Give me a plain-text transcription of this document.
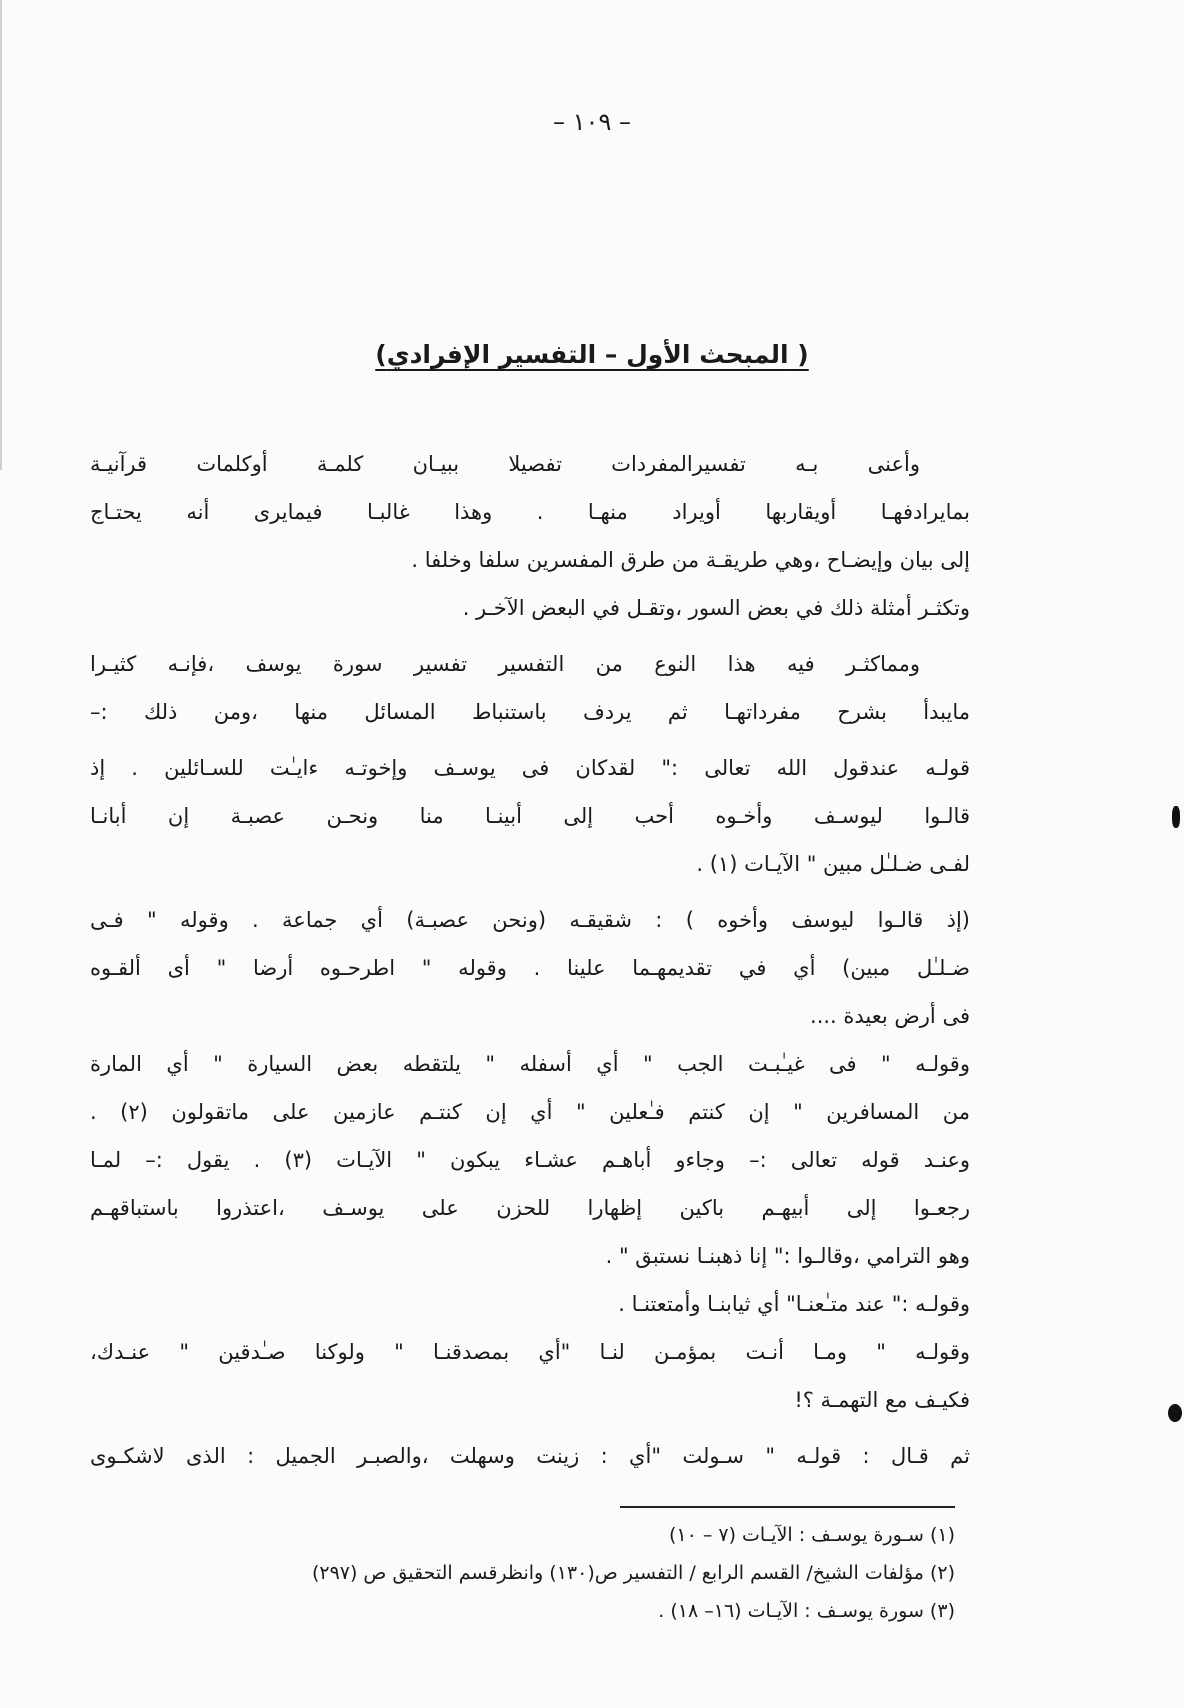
– ١٠٩ –
(المبحث الأول – التفسير الإفرادي )
وأعنى بـه تفسيرالمفردات تفصيلا ببيـان كلمـة أوكلمات قرآنيـة
بمايرادفهـا أويقاربها أويراد منهـا . وهذا غالبـا فيمايرى أنه يحتـاج
إلى بيان وإيضـاح ،وهي طريقـة من طرق المفسرين سلفا وخلفا .
وتكثـر أمثلة ذلك في بعض السور ،وتقـل في البعض الآخـر .
ومماكثـر فيه هذا النوع من التفسير تفسير سورة يوسف ،فإنـه كثيـرا
مايبدأ بشرح مفرداتهـا ثم يردف باستنباط المسائل منها ،ومن ذلك :–
قولـه عندقول الله تعالى :" لقدكان فى يوسـف وإخوتـه ءايـٰت للسـائلين . إذ
قالـوا ليوسـف وأخـوه أحب إلى أبينـا منا ونحـن عصبـة إن أبانـا
لفـى ضـلـٰل مبين " الآيـات (١) .
(إذ قالـوا ليوسف وأخوه ) : شقيقـه (ونحن عصبـة) أي جماعة . وقوله " فـى
ضـلـٰل مبين) أي في تقديمهـما علينا . وقوله " اطرحـوه أرضا " أى ألقـوه
فى أرض بعيدة ....
وقولـه " فى غيـٰبـت الجب " أي أسفله " يلتقطه بعض السيارة " أي المارة
من المسافرين " إن كنتم فـٰعلين " أي إن كنتـم عازمين على ماتقولون (٢) .
وعنـد قوله تعالى :– وجاءو أباهـم عشـاء يبكون " الآيـات (٣) . يقول :– لمـا
رجعـوا إلى أبيهـم باكين إظهارا للحزن على يوسـف ،اعتذروا باستباقهـم
وهو الترامي ،وقالـوا :" إنا ذهبنـا نستبق " .
وقولـه :" عند متـٰعنـا" أي ثيابنـا وأمتعتنـا .
وقولـه " ومـا أنـت بمؤمـن لنـا "أي بمصدقنـا " ولوكنا صـٰدقين " عنـدك،
فكيـف مع التهمـة ؟!
ثم قـال : قولـه " سـولت "أي : زينت وسهلت ،والصبـر الجميل : الذى لاشكـوى
(١) سـورة يوسـف : الآيـات (٧ – ١٠)
(٢) مؤلفات الشيخ/ القسم الرابع / التفسير ص(١٣٠) وانظرقسم التحقيق ص (٢٩٧)
(٣) سورة يوسـف : الآيـات (١٦– ١٨) .
